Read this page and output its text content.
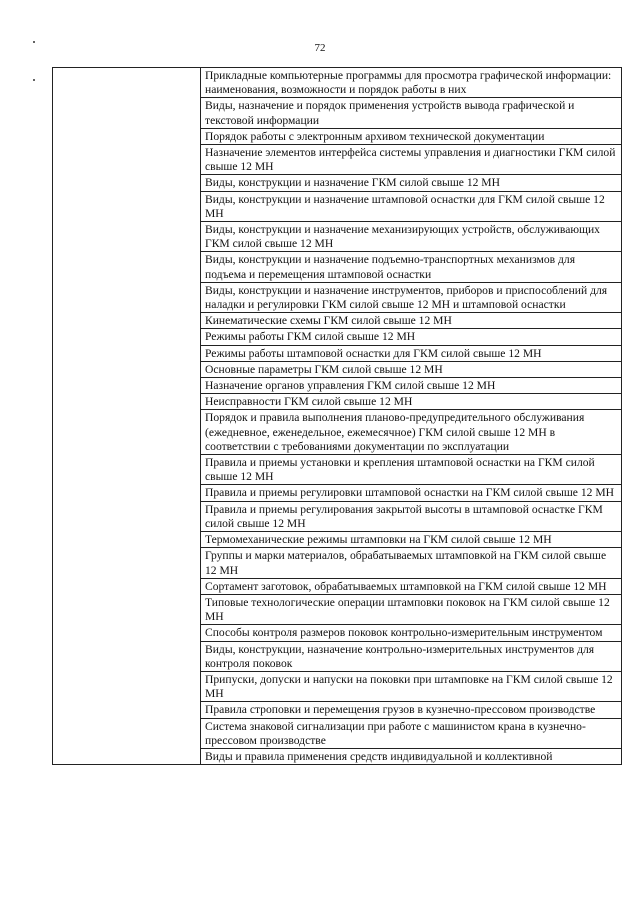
72
	Прикладные компьютерные программы для просмотра графической информации: наименования, возможности и порядок работы в них
Виды, назначение и порядок применения устройств вывода графической и текстовой информации
Порядок работы с электронным архивом технической документации
Назначение элементов интерфейса системы управления и диагностики ГКМ силой свыше 12 МН
Виды, конструкции и назначение ГКМ силой свыше 12 МН
Виды, конструкции и назначение штамповой оснастки для ГКМ силой свыше 12 МН
Виды, конструкции и назначение механизирующих устройств, обслуживающих ГКМ силой свыше 12 МН
Виды, конструкции и назначение подъемно-транспортных механизмов для подъема и перемещения штамповой оснастки
Виды, конструкции и назначение инструментов, приборов и приспособлений для наладки и регулировки ГКМ силой свыше 12 МН и штамповой оснастки
Кинематические схемы ГКМ силой свыше 12 МН
Режимы работы ГКМ силой свыше 12 МН
Режимы работы штамповой оснастки для ГКМ силой свыше 12 МН
Основные параметры ГКМ силой свыше 12 МН
Назначение органов управления ГКМ силой свыше 12 МН
Неисправности ГКМ силой свыше 12 МН
Порядок и правила выполнения планово-предупредительного обслуживания (ежедневное, еженедельное, ежемесячное) ГКМ силой свыше 12 МН в соответствии с требованиями документации по эксплуатации
Правила и приемы установки и крепления штамповой оснастки на ГКМ силой свыше 12 МН
Правила и приемы регулировки штамповой оснастки на ГКМ силой свыше 12 МН
Правила и приемы регулирования закрытой высоты в штамповой оснастке ГКМ силой свыше 12 МН
Термомеханические режимы штамповки на ГКМ силой свыше 12 МН
Группы и марки материалов, обрабатываемых штамповкой на ГКМ силой свыше 12 МН
Сортамент заготовок, обрабатываемых штамповкой на ГКМ силой свыше 12 МН
Типовые технологические операции штамповки поковок на ГКМ силой свыше 12 МН
Способы контроля размеров поковок контрольно-измерительным инструментом
Виды, конструкции, назначение контрольно-измерительных инструментов для контроля поковок
Припуски, допуски и напуски на поковки при штамповке на ГКМ силой свыше 12 МН
Правила строповки и перемещения грузов в кузнечно-прессовом производстве
Система знаковой сигнализации при работе с машинистом крана в кузнечно-прессовом производстве
Виды и правила применения средств индивидуальной и коллективной
